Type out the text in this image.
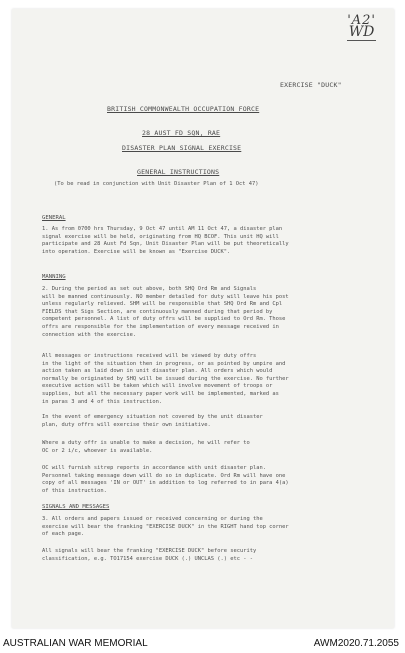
'A2'
WD
EXERCISE "DUCK"
BRITISH COMMONWEALTH OCCUPATION FORCE
28 AUST FD SQN, RAE
DISASTER PLAN SIGNAL EXERCISE
GENERAL INSTRUCTIONS
(To be read in conjunction with Unit Disaster Plan of 1 Oct 47)
GENERAL
1. As from 0700 hrs Thursday, 9 Oct 47 until AM 11 Oct 47, a disaster plan
signal exercise will be held, originating from HQ BCOF. This unit HQ will
participate and 28 Aust Fd Sqn, Unit Disaster Plan will be put theoretically
into operation. Exercise will be known as "Exercise DUCK".
MANNING
2. During the period as set out above, both SHQ Ord Rm and Signals
will be manned continuously. NO member detailed for duty will leave his post
unless regularly relieved. SHM will be responsible that SHQ Ord Rm and Cpl
FIELDS that Sigs Section, are continuously manned during that period by
competent personnel. A list of duty offrs will be supplied to Ord Rm. Those
offrs are responsible for the implementation of every message received in
connection with the exercise.
All messages or instructions received will be viewed by duty offrs
in the light of the situation then in progress, or as pointed by umpire and
action taken as laid down in unit disaster plan. All orders which would
normally be originated by SHQ will be issued during the exercise. No further
executive action will be taken which will involve movement of troops or
supplies, but all the necessary paper work will be implemented, marked as
in paras 3 and 4 of this instruction.
In the event of emergency situation not covered by the unit disaster
plan, duty offrs will exercise their own initiative.
Where a duty offr is unable to make a decision, he will refer to
OC or 2 i/c, whoever is available.
OC will furnish sitrep reports in accordance with unit disaster plan.
Personnel taking message down will do so in duplicate. Ord Rm will have one
copy of all messages 'IN or OUT' in addition to log referred to in para 4(a)
of this instruction.
SIGNALS AND MESSAGES
3. All orders and papers issued or received concerning or during the
exercise will bear the franking "EXERCISE DUCK" in the RIGHT hand top corner
of each page.
All signals will bear the franking "EXERCISE DUCK" before security
classification, e.g. TO17154 exercise DUCK (.) UNCLAS (.) etc - -
AUSTRALIAN WAR MEMORIAL	AWM2020.71.2055
